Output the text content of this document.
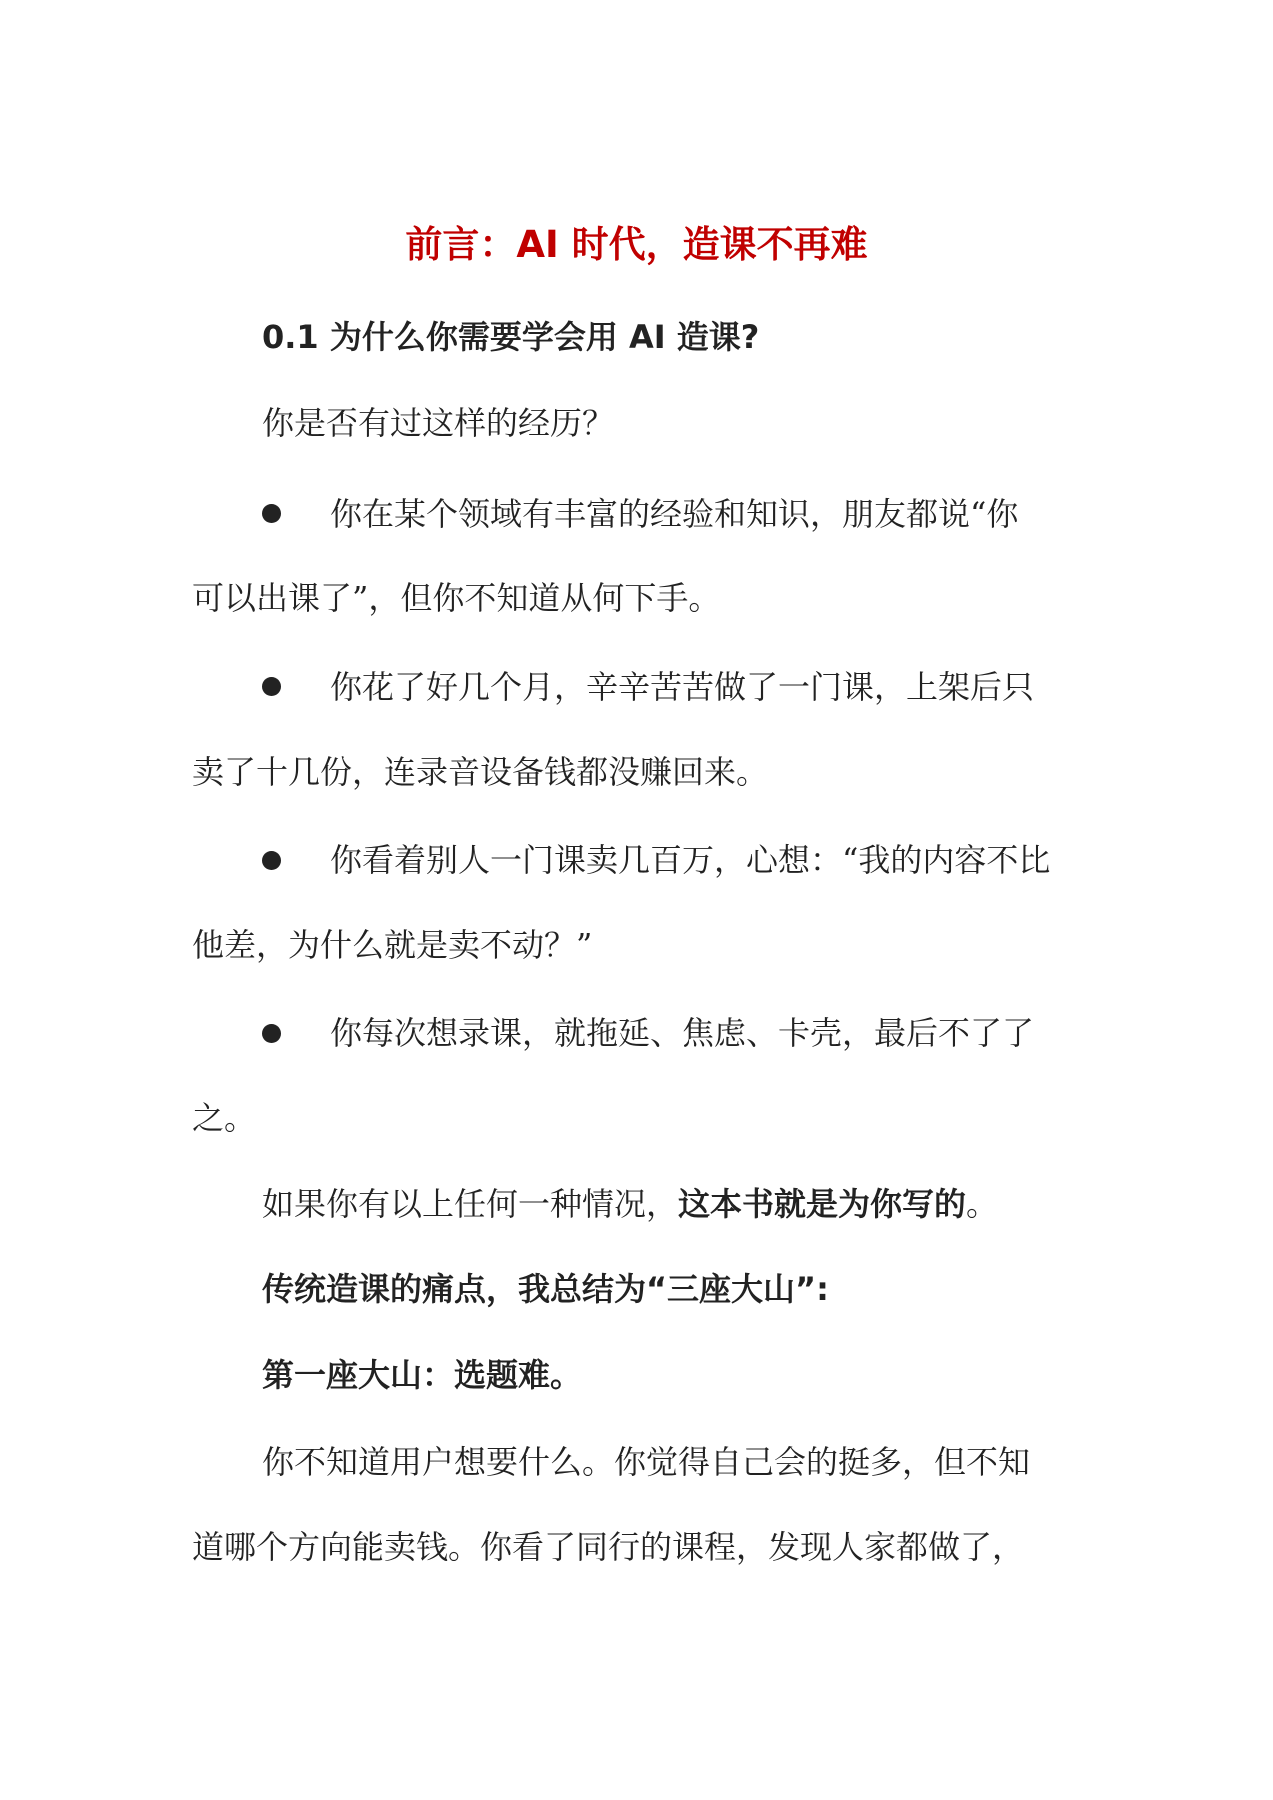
前言：AI 时代，造课不再难

0.1 为什么你需要学会用 AI 造课?

你是否有过这样的经历？

你在某个领域有丰富的经验和知识，朋友都说“你

可以出课了”，但你不知道从何下手。

你花了好几个月，辛辛苦苦做了一门课，上架后只

卖了十几份，连录音设备钱都没赚回来。

你看着别人一门课卖几百万，心想：“我的内容不比

他差，为什么就是卖不动？”

你每次想录课，就拖延、焦虑、卡壳，最后不了了

之。

如果你有以上任何一种情况，这本书就是为你写的。

传统造课的痛点，我总结为“三座大山”:

第一座大山：选题难。

你不知道用户想要什么。你觉得自己会的挺多，但不知

道哪个方向能卖钱。你看了同行的课程，发现人家都做了，
